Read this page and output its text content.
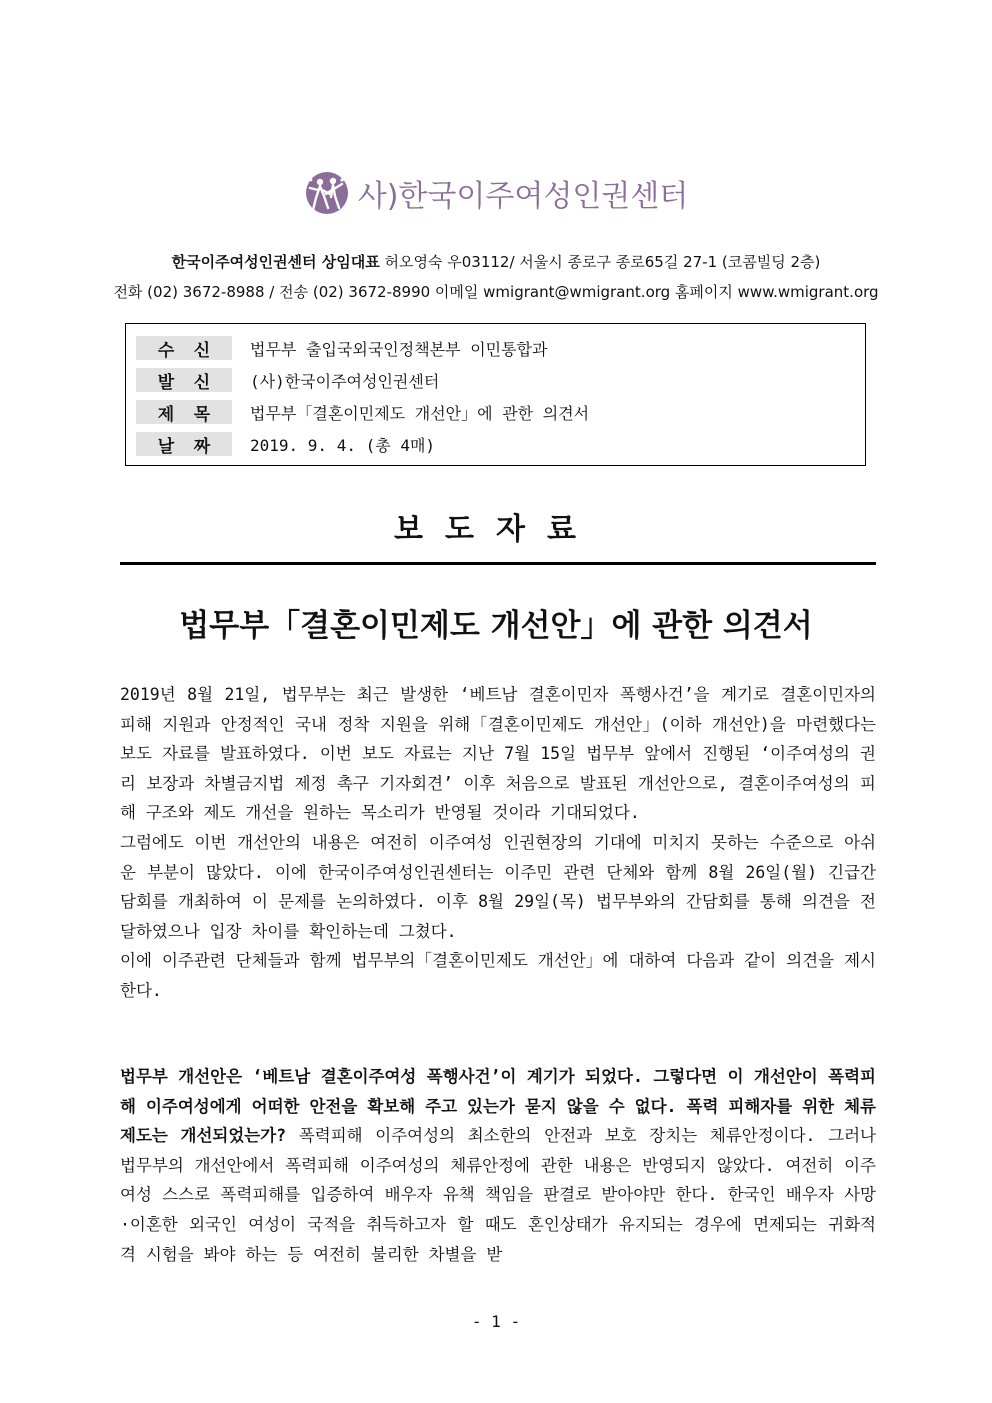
사)한국이주여성인권센터
한국이주여성인권센터 상임대표 허오영숙 우03112/ 서울시 종로구 종로65길 27-1 (코콤빌딩 2층)
전화 (02) 3672-8988 / 전송 (02) 3672-8990 이메일 wmigrant@wmigrant.org 홈페이지 www.wmigrant.org
수 신 법무부 출입국외국인정책본부 이민통합과
발 신 (사)한국이주여성인권센터
제 목 법무부「결혼이민제도 개선안」에 관한 의견서
날 짜 2019. 9. 4. (총 4매)
보도자료
법무부「결혼이민제도 개선안」에 관한 의견서

2019년 8월 21일, 법무부는 최근 발생한 ‘베트남 결혼이민자 폭행사건’을 계기로 결혼이민자의 피해 지원과 안정적인 국내 정착 지원을 위해「결혼이민제도 개선안」(이하 개선안)을 마련했다는 보도 자료를 발표하였다. 이번 보도 자료는 지난 7월 15일 법무부 앞에서 진행된 ‘이주여성의 권리 보장과 차별금지법 제정 촉구 기자회견’ 이후 처음으로 발표된 개선안으로, 결혼이주여성의 피해 구조와 제도 개선을 원하는 목소리가 반영될 것이라 기대되었다.

그럼에도 이번 개선안의 내용은 여전히 이주여성 인권현장의 기대에 미치지 못하는 수준으로 아쉬운 부분이 많았다. 이에 한국이주여성인권센터는 이주민 관련 단체와 함께 8월 26일(월) 긴급간담회를 개최하여 이 문제를 논의하였다. 이후 8월 29일(목) 법무부와의 간담회를 통해 의견을 전달하였으나 입장 차이를 확인하는데 그쳤다.

이에 이주관련 단체들과 함께 법무부의「결혼이민제도 개선안」에 대하여 다음과 같이 의견을 제시한다.

법무부 개선안은 ‘베트남 결혼이주여성 폭행사건’이 계기가 되었다. 그렇다면 이 개선안이 폭력피해 이주여성에게 어떠한 안전을 확보해 주고 있는가 묻지 않을 수 없다. 폭력 피해자를 위한 체류제도는 개선되었는가? 폭력피해 이주여성의 최소한의 안전과 보호 장치는 체류안정이다. 그러나 법무부의 개선안에서 폭력피해 이주여성의 체류안정에 관한 내용은 반영되지 않았다. 여전히 이주여성 스스로 폭력피해를 입증하여 배우자 유책 책임을 판결로 받아야만 한다. 한국인 배우자 사망·이혼한 외국인 여성이 국적을 취득하고자 할 때도 혼인상태가 유지되는 경우에 면제되는 귀화적격 시험을 봐야 하는 등 여전히 불리한 차별을 받

- 1 -
